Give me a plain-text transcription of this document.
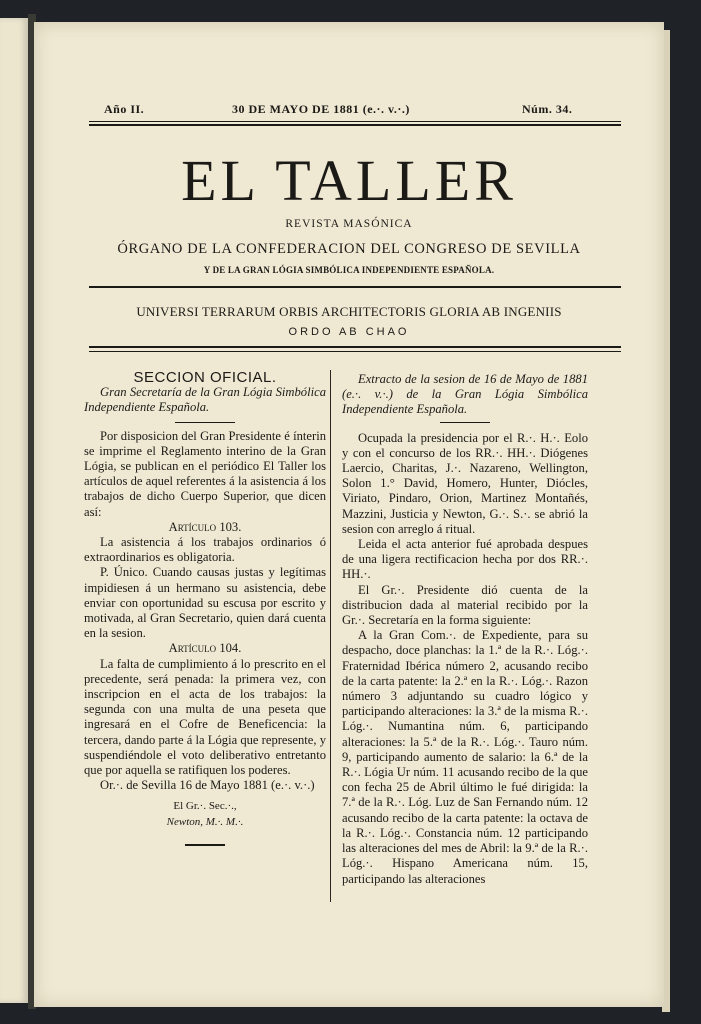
Año II.	30 DE MAYO DE 1881 (e.·. v.·.)	Núm. 34.
EL TALLER
REVISTA MASÓNICA
ÓRGANO DE LA CONFEDERACION DEL CONGRESO DE SEVILLA
Y DE LA GRAN LÓGIA SIMBÓLICA INDEPENDIENTE ESPAÑOLA.
UNIVERSI TERRARUM ORBIS ARCHITECTORIS GLORIA AB INGENIIS
ORDO AB CHAO

SECCION OFICIAL.

Gran Secretaría de la Gran Lógia Simbólica Independiente Española.

Por disposicion del Gran Presidente é ínterin se imprime el Reglamento interino de la Gran Lógia, se publican en el periódico El Taller los artículos de aquel referentes á la asistencia á los trabajos de dicho Cuerpo Superior, que dicen así:

Artículo 103.

La asistencia á los trabajos ordinarios ó extraordinarios es obligatoria.

P. Único. Cuando causas justas y legítimas impidiesen á un hermano su asistencia, debe enviar con oportunidad su escusa por escrito y motivada, al Gran Secretario, quien dará cuenta en la sesion.

Artículo 104.

La falta de cumplimiento á lo prescrito en el precedente, será penada: la primera vez, con inscripcion en el acta de los trabajos: la segunda con una multa de una peseta que ingresará en el Cofre de Beneficencia: la tercera, dando parte á la Lógia que represente, y suspendiéndole el voto deliberativo entretanto que por aquella se ratifiquen los poderes.

Or.·. de Sevilla 16 de Mayo 1881 (e.·. v.·.)

El Gr.·. Sec.·.,

Newton, M.·. M.·.

Extracto de la sesion de 16 de Mayo de 1881 (e.·. v.·.) de la Gran Lógia Simbólica Independiente Española.

Ocupada la presidencia por el R.·. H.·. Eolo y con el concurso de los RR.·. HH.·. Diógenes Laercio, Charitas, J.·. Nazareno, Wellington, Solon 1.° David, Homero, Hunter, Diócles, Viriato, Pindaro, Orion, Martinez Montañés, Mazzini, Justicia y Newton, G.·. S.·. se abrió la sesion con arreglo á ritual.

Leida el acta anterior fué aprobada despues de una ligera rectificacion hecha por dos RR.·. HH.·.

El Gr.·. Presidente dió cuenta de la distribucion dada al material recibido por la Gr.·. Secretaría en la forma siguiente:

A la Gran Com.·. de Expediente, para su despacho, doce planchas: la 1.ª de la R.·. Lóg.·. Fraternidad Ibérica número 2, acusando recibo de la carta patente: la 2.ª en la R.·. Lóg.·. Razon número 3 adjuntando su cuadro lógico y participando alteraciones: la 3.ª de la misma R.·. Lóg.·. Numantina núm. 6, participando alteraciones: la 5.ª de la R.·. Lóg.·. Tauro núm. 9, participando aumento de salario: la 6.ª de la R.·. Lógia Ur núm. 11 acusando recibo de la que con fecha 25 de Abril último le fué dirigida: la 7.ª de la R.·. Lóg. Luz de San Fernando núm. 12 acusando recibo de la carta patente: la octava de la R.·. Lóg.·. Constancia núm. 12 participando las alteraciones del mes de Abril: la 9.ª de la R.·. Lóg.·. Hispano Americana núm. 15, participando las alteraciones
